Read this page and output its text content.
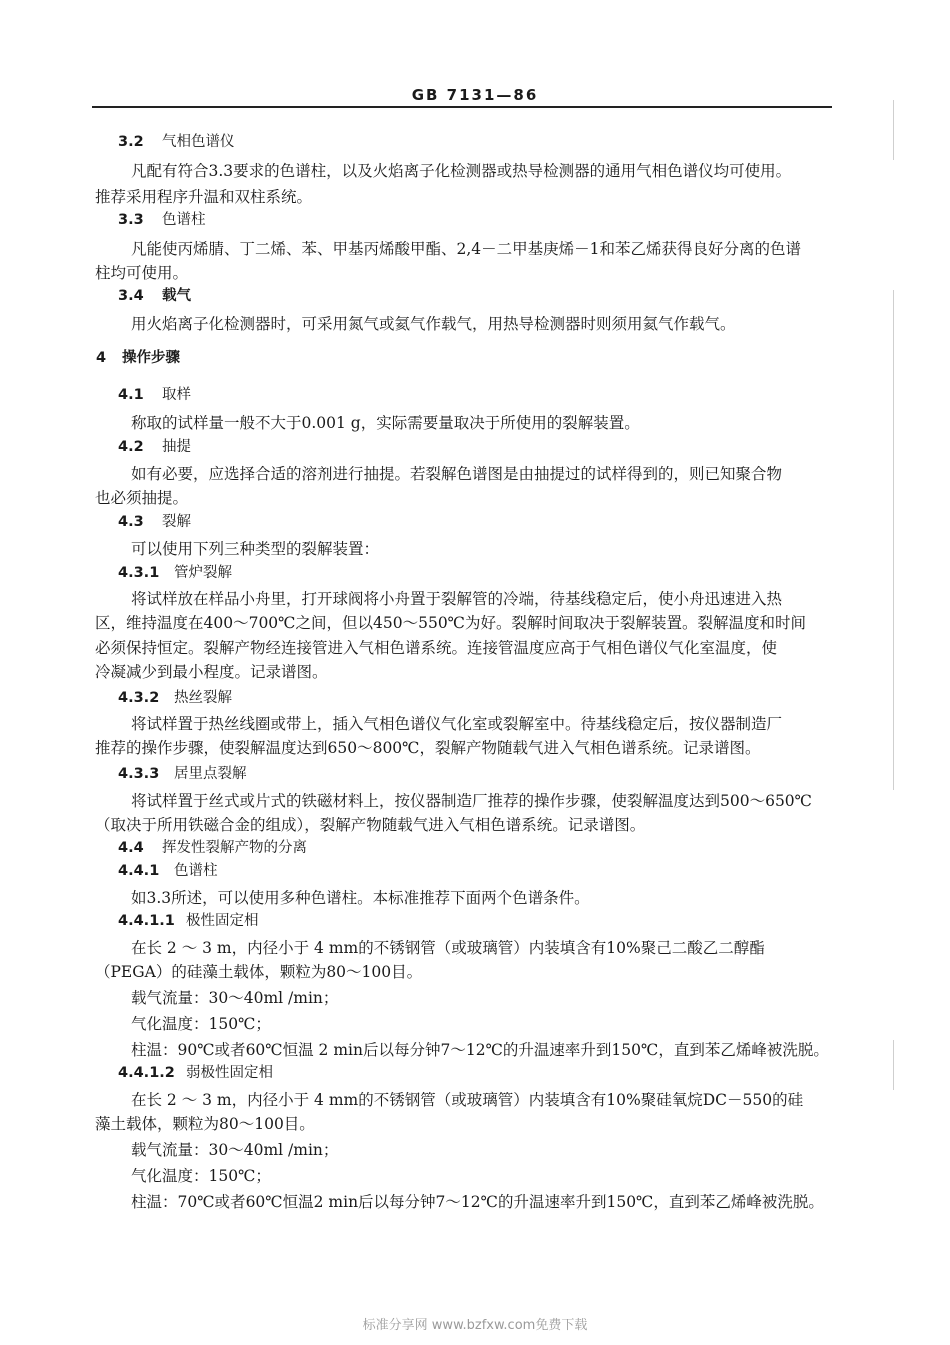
GB 7131—86
3.2 气相色谱仪
凡配有符合3.3要求的色谱柱，以及火焰离子化检测器或热导检测器的通用气相色谱仪均可使用。
推荐采用程序升温和双柱系统。
3.3 色谱柱
凡能使丙烯腈、丁二烯、苯、甲基丙烯酸甲酯、2,4－二甲基庚烯－1和苯乙烯获得良好分离的色谱
柱均可使用。
3.4 载气
用火焰离子化检测器时，可采用氮气或氦气作载气，用热导检测器时则须用氦气作载气。
4 操作步骤
4.1 取样
称取的试样量一般不大于0.001 g，实际需要量取决于所使用的裂解装置。
4.2 抽提
如有必要，应选择合适的溶剂进行抽提。若裂解色谱图是由抽提过的试样得到的，则已知聚合物
也必须抽提。
4.3 裂解
可以使用下列三种类型的裂解装置：
4.3.1 管炉裂解
将试样放在样品小舟里，打开球阀将小舟置于裂解管的冷端，待基线稳定后，使小舟迅速进入热
区，维持温度在400～700℃之间，但以450～550℃为好。裂解时间取决于裂解装置。裂解温度和时间
必须保持恒定。裂解产物经连接管进入气相色谱系统。连接管温度应高于气相色谱仪气化室温度，使
冷凝减少到最小程度。记录谱图。
4.3.2 热丝裂解
将试样置于热丝线圈或带上，插入气相色谱仪气化室或裂解室中。待基线稳定后，按仪器制造厂
推荐的操作步骤，使裂解温度达到650～800℃，裂解产物随载气进入气相色谱系统。记录谱图。
4.3.3 居里点裂解
将试样置于丝式或片式的铁磁材料上，按仪器制造厂推荐的操作步骤，使裂解温度达到500～650℃
（取决于所用铁磁合金的组成），裂解产物随载气进入气相色谱系统。记录谱图。
4.4 挥发性裂解产物的分离
4.4.1 色谱柱
如3.3所述，可以使用多种色谱柱。本标准推荐下面两个色谱条件。
4.4.1.1 极性固定相
在长 2 ～ 3 m，内径小于 4 mm的不锈钢管（或玻璃管）内装填含有10%聚己二酸乙二醇酯
（PEGA）的硅藻土载体，颗粒为80～100目。
载气流量：30～40ml /min；
气化温度：150℃；
柱温：90℃或者60℃恒温 2 min后以每分钟7～12℃的升温速率升到150℃，直到苯乙烯峰被洗脱。
4.4.1.2 弱极性固定相
在长 2 ～ 3 m，内径小于 4 mm的不锈钢管（或玻璃管）内装填含有10%聚硅氧烷DC－550的硅
藻土载体，颗粒为80～100目。
载气流量：30～40ml /min；
气化温度：150℃；
柱温：70℃或者60℃恒温2 min后以每分钟7～12℃的升温速率升到150℃，直到苯乙烯峰被洗脱。
标准分享网 www.bzfxw.com免费下载
